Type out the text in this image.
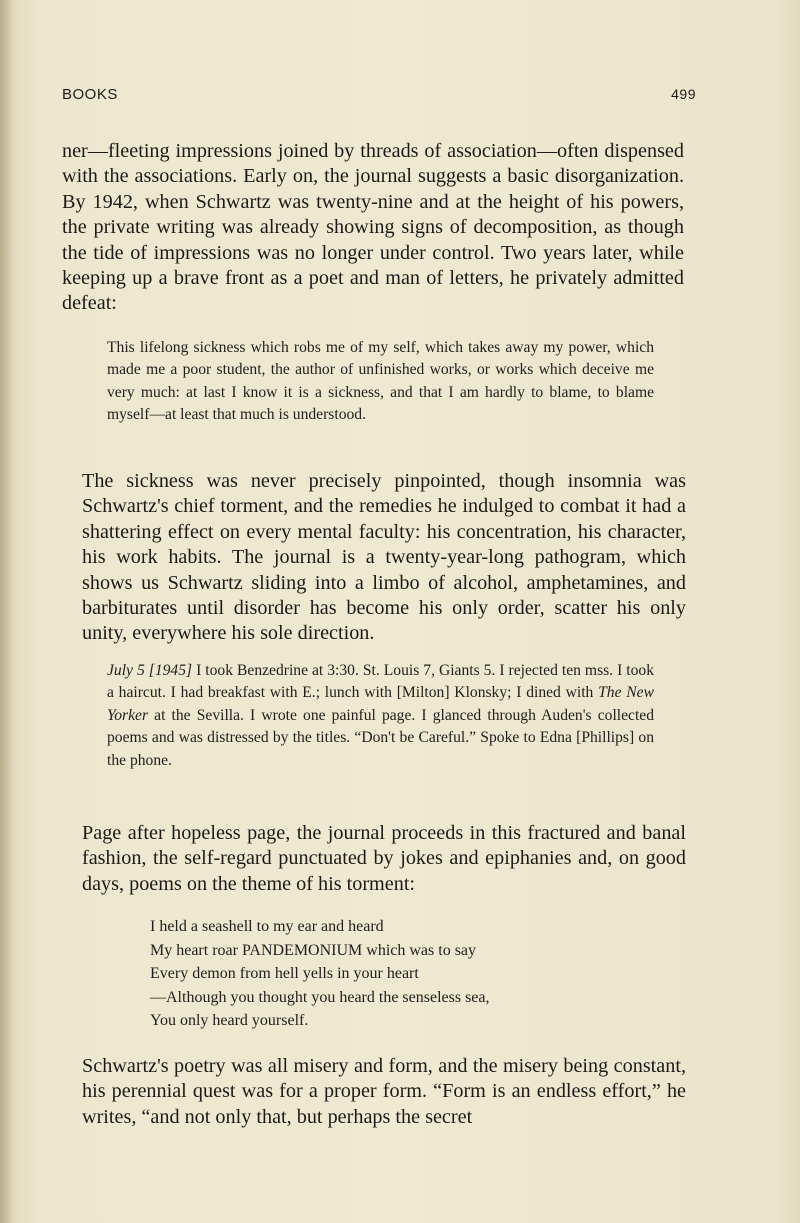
BOOKS	499

ner—fleeting impressions joined by threads of association—often dispensed with the associations. Early on, the journal suggests a basic disorganization. By 1942, when Schwartz was twenty-nine and at the height of his powers, the private writing was already showing signs of decomposition, as though the tide of impressions was no longer under control. Two years later, while keeping up a brave front as a poet and man of letters, he privately admitted defeat:

This lifelong sickness which robs me of my self, which takes away my power, which made me a poor student, the author of unfinished works, or works which deceive me very much: at last I know it is a sickness, and that I am hardly to blame, to blame myself—at least that much is understood.

The sickness was never precisely pinpointed, though insomnia was Schwartz's chief torment, and the remedies he indulged to combat it had a shattering effect on every mental faculty: his concentration, his character, his work habits. The journal is a twenty-year-long pathogram, which shows us Schwartz sliding into a limbo of alcohol, amphetamines, and barbiturates until disorder has become his only order, scatter his only unity, everywhere his sole direction.

July 5 [1945] I took Benzedrine at 3:30. St. Louis 7, Giants 5. I rejected ten mss. I took a haircut. I had breakfast with E.; lunch with [Milton] Klonsky; I dined with The New Yorker at the Sevilla. I wrote one painful page. I glanced through Auden's collected poems and was distressed by the titles. “Don't be Careful.” Spoke to Edna [Phillips] on the phone.

Page after hopeless page, the journal proceeds in this fractured and banal fashion, the self-regard punctuated by jokes and epiphanies and, on good days, poems on the theme of his torment:

I held a seashell to my ear and heard
My heart roar PANDEMONIUM which was to say
Every demon from hell yells in your heart
—Although you thought you heard the senseless sea,
You only heard yourself.

Schwartz's poetry was all misery and form, and the misery being constant, his perennial quest was for a proper form. “Form is an endless effort,” he writes, “and not only that, but perhaps the secret
